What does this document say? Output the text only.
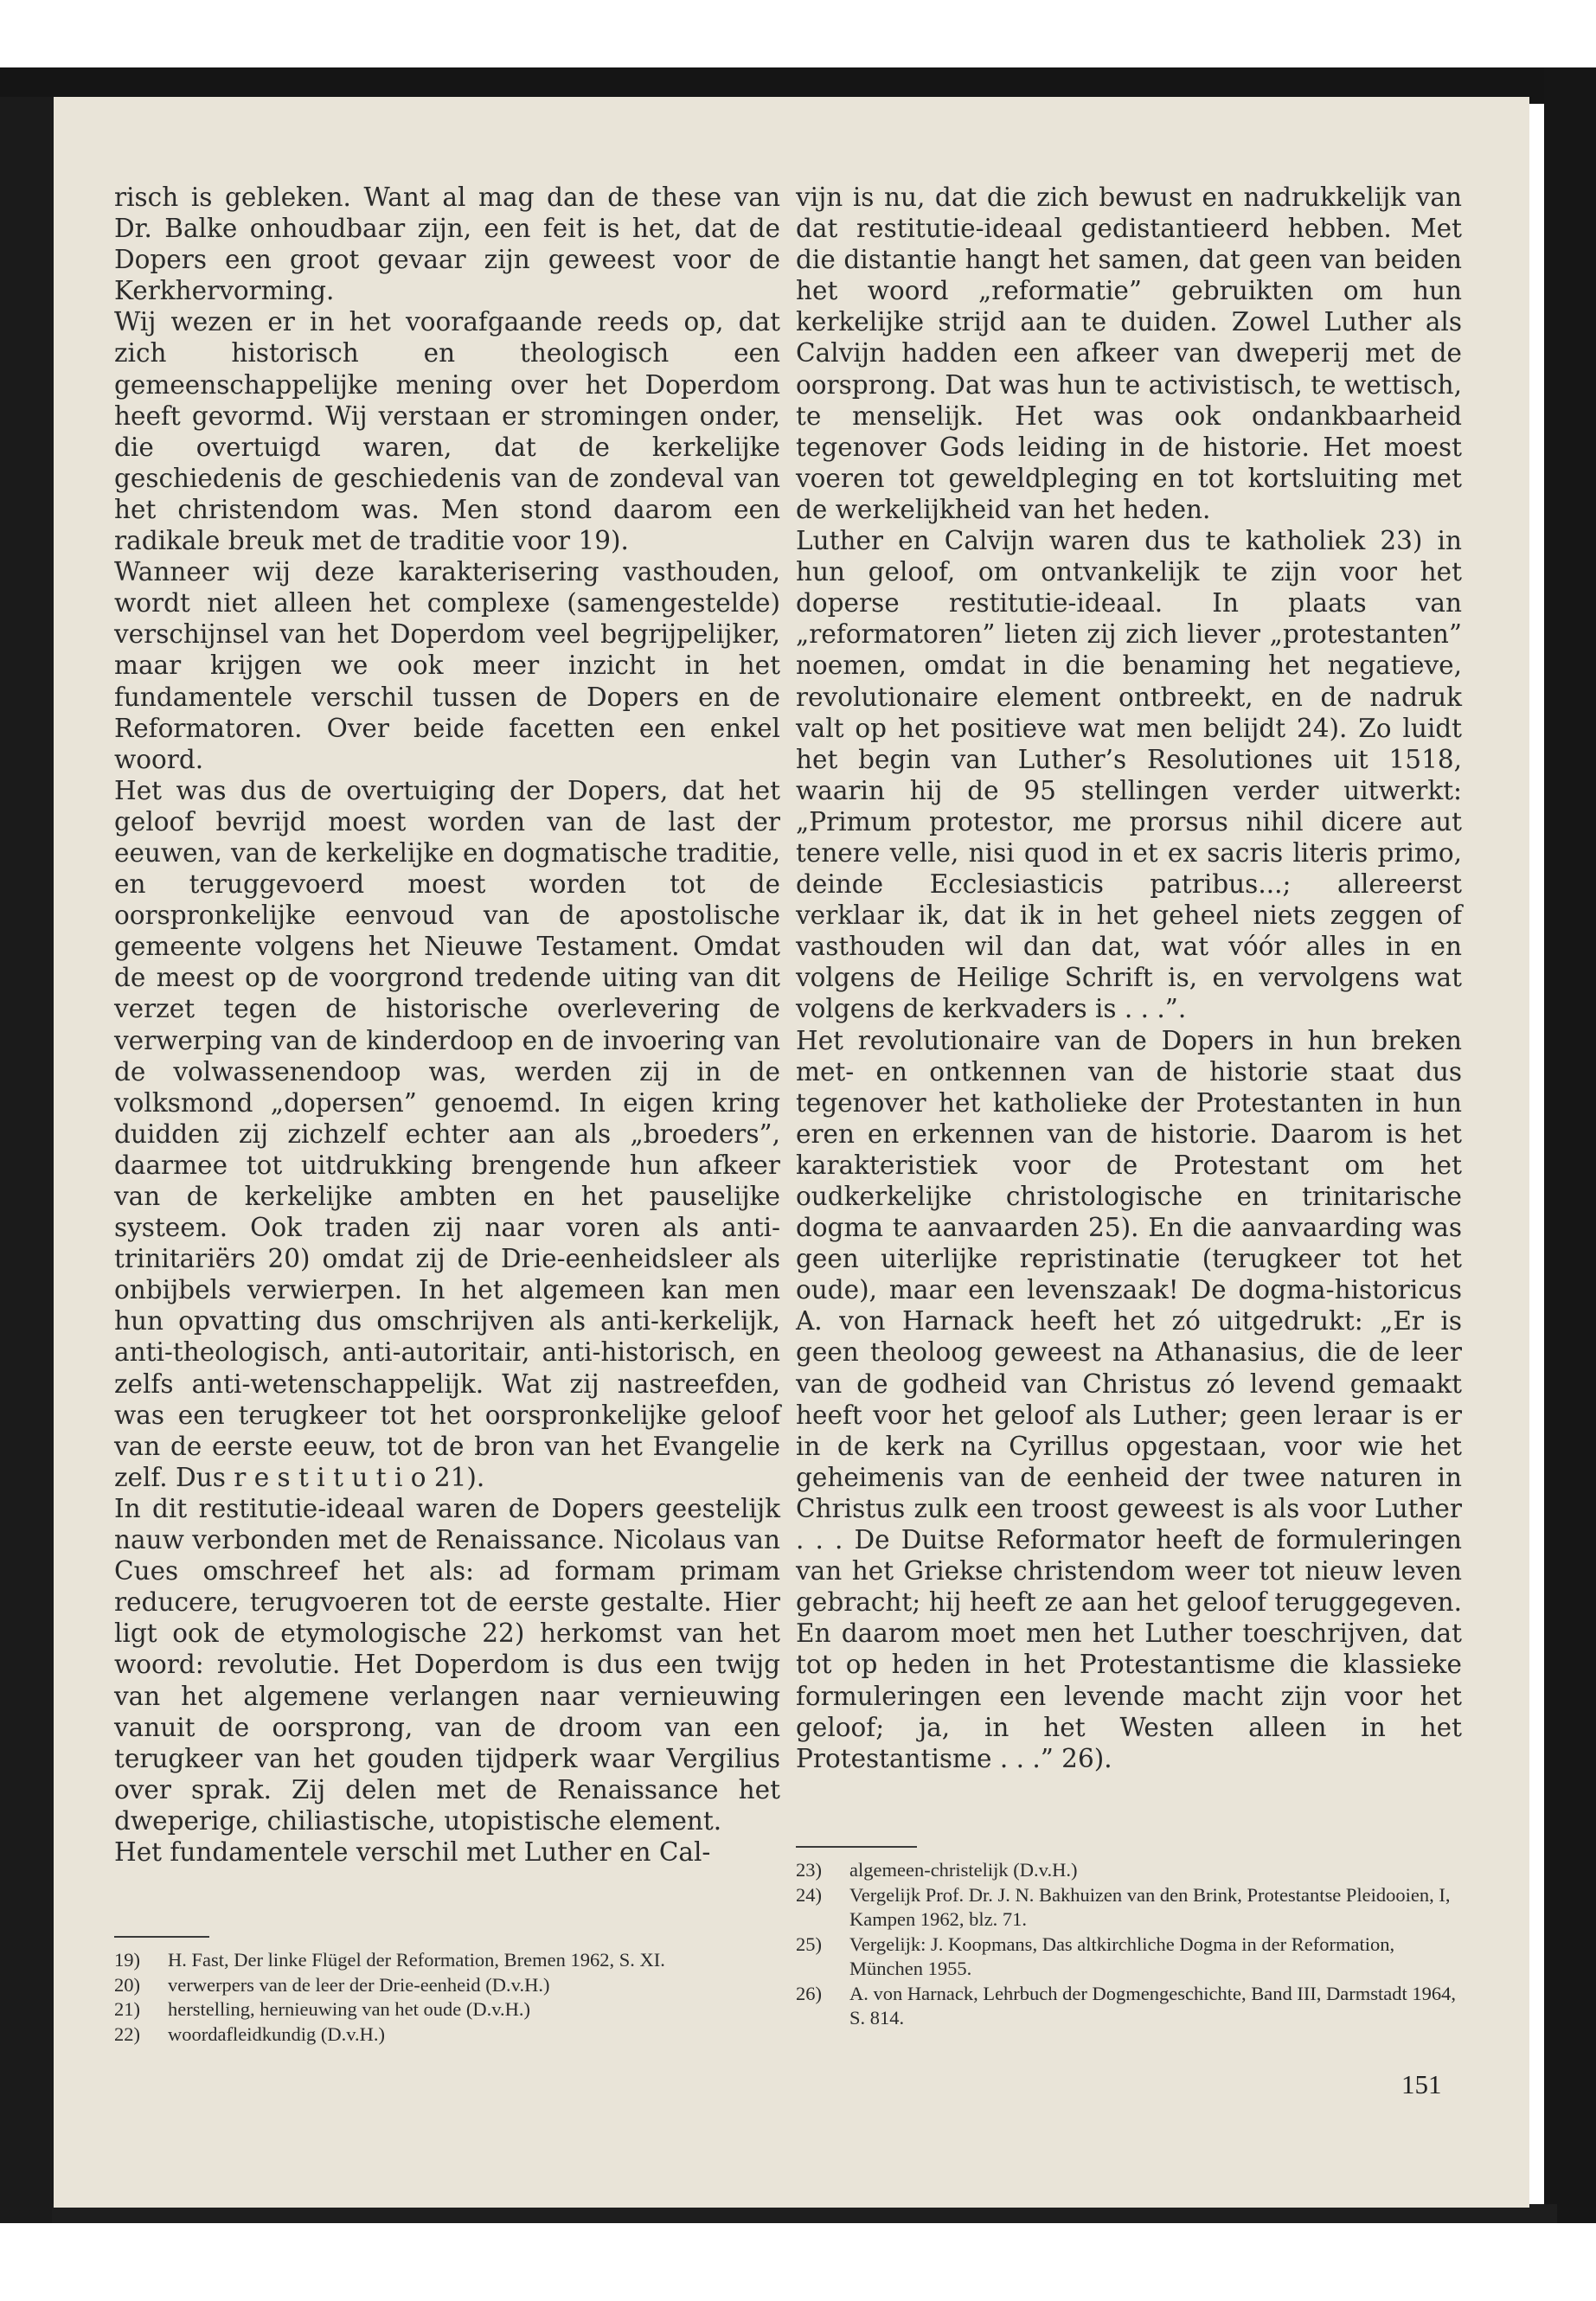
risch is gebleken. Want al mag dan de these van Dr. Balke onhoudbaar zijn, een feit is het, dat de Dopers een groot gevaar zijn geweest voor de Kerkhervorming.

Wij wezen er in het voorafgaande reeds op, dat zich historisch en theologisch een gemeenschappelijke mening over het Doperdom heeft gevormd. Wij verstaan er stromingen onder, die overtuigd waren, dat de kerkelijke geschiedenis de geschiedenis van de zondeval van het christendom was. Men stond daarom een radikale breuk met de traditie voor 19).

Wanneer wij deze karakterisering vasthouden, wordt niet alleen het complexe (samengestelde) verschijnsel van het Doperdom veel begrijpelijker, maar krijgen we ook meer inzicht in het fundamentele verschil tussen de Dopers en de Reformatoren. Over beide facetten een enkel woord.

Het was dus de overtuiging der Dopers, dat het geloof bevrijd moest worden van de last der eeuwen, van de kerkelijke en dogmatische traditie, en teruggevoerd moest worden tot de oorspronkelijke eenvoud van de apostolische gemeente volgens het Nieuwe Testament. Omdat de meest op de voorgrond tredende uiting van dit verzet tegen de historische overlevering de verwerping van de kinderdoop en de invoering van de volwassenendoop was, werden zij in de volksmond „dopersen” genoemd. In eigen kring duidden zij zichzelf echter aan als „broeders”, daarmee tot uitdrukking brengende hun afkeer van de kerkelijke ambten en het pauselijke systeem. Ook traden zij naar voren als anti-trinitariërs 20) omdat zij de Drie-eenheidsleer als onbijbels verwierpen. In het algemeen kan men hun opvatting dus omschrijven als anti-kerkelijk, anti-theologisch, anti-autoritair, anti-historisch, en zelfs anti-wetenschappelijk. Wat zij nastreefden, was een terugkeer tot het oorspronkelijke geloof van de eerste eeuw, tot de bron van het Evangelie zelf. Dus r e s t i t u t i o 21).

In dit restitutie-ideaal waren de Dopers geestelijk nauw verbonden met de Renaissance. Nicolaus van Cues omschreef het als: ad formam primam reducere, terugvoeren tot de eerste gestalte. Hier ligt ook de etymologische 22) herkomst van het woord: revolutie. Het Doperdom is dus een twijg van het algemene verlangen naar vernieuwing vanuit de oorsprong, van de droom van een terugkeer van het gouden tijdperk waar Vergilius over sprak. Zij delen met de Renaissance het dweperige, chiliastische, utopistische element.

Het fundamentele verschil met Luther en Cal-

vijn is nu, dat die zich bewust en nadrukkelijk van dat restitutie-ideaal gedistantieerd hebben. Met die distantie hangt het samen, dat geen van beiden het woord „reformatie” gebruikten om hun kerkelijke strijd aan te duiden. Zowel Luther als Calvijn hadden een afkeer van dweperij met de oorsprong. Dat was hun te activistisch, te wettisch, te menselijk. Het was ook ondankbaarheid tegenover Gods leiding in de historie. Het moest voeren tot geweldpleging en tot kortsluiting met de werkelijkheid van het heden.

Luther en Calvijn waren dus te katholiek 23) in hun geloof, om ontvankelijk te zijn voor het doperse restitutie-ideaal. In plaats van „reformatoren” lieten zij zich liever „protestanten” noemen, omdat in die benaming het negatieve, revolutionaire element ontbreekt, en de nadruk valt op het positieve wat men belijdt 24). Zo luidt het begin van Luther’s Resolutiones uit 1518, waarin hij de 95 stellingen verder uitwerkt: „Primum protestor, me prorsus nihil dicere aut tenere velle, nisi quod in et ex sacris literis primo, deinde Ecclesiasticis patribus...; allereerst verklaar ik, dat ik in het geheel niets zeggen of vasthouden wil dan dat, wat vóór alles in en volgens de Heilige Schrift is, en vervolgens wat volgens de kerkvaders is . . .”.

Het revolutionaire van de Dopers in hun breken met- en ontkennen van de historie staat dus tegenover het katholieke der Protestanten in hun eren en erkennen van de historie. Daarom is het karakteristiek voor de Protestant om het oudkerkelijke christologische en trinitarische dogma te aanvaarden 25). En die aanvaarding was geen uiterlijke repristinatie (terugkeer tot het oude), maar een levenszaak! De dogma-historicus A. von Harnack heeft het zó uitgedrukt: „Er is geen theoloog geweest na Athanasius, die de leer van de godheid van Christus zó levend gemaakt heeft voor het geloof als Luther; geen leraar is er in de kerk na Cyrillus opgestaan, voor wie het geheimenis van de eenheid der twee naturen in Christus zulk een troost geweest is als voor Luther . . . De Duitse Reformator heeft de formuleringen van het Griekse christendom weer tot nieuw leven gebracht; hij heeft ze aan het geloof teruggegeven. En daarom moet men het Luther toeschrijven, dat tot op heden in het Protestantisme die klassieke formuleringen een levende macht zijn voor het geloof; ja, in het Westen alleen in het Protestantisme . . .” 26).

19)	H. Fast, Der linke Flügel der Reformation, Bremen 1962, S. XI.

20)	verwerpers van de leer der Drie-eenheid (D.v.H.)

21)	herstelling, hernieuwing van het oude (D.v.H.)

22)	woordafleidkundig (D.v.H.)

23)	algemeen-christelijk (D.v.H.)

24)	Vergelijk Prof. Dr. J. N. Bakhuizen van den Brink, Protestantse Pleidooien, I, Kampen 1962, blz. 71.

25)	Vergelijk: J. Koopmans, Das altkirchliche Dogma in der Reformation, München 1955.

26)	A. von Harnack, Lehrbuch der Dogmengeschichte, Band III, Darmstadt 1964, S. 814.

151
